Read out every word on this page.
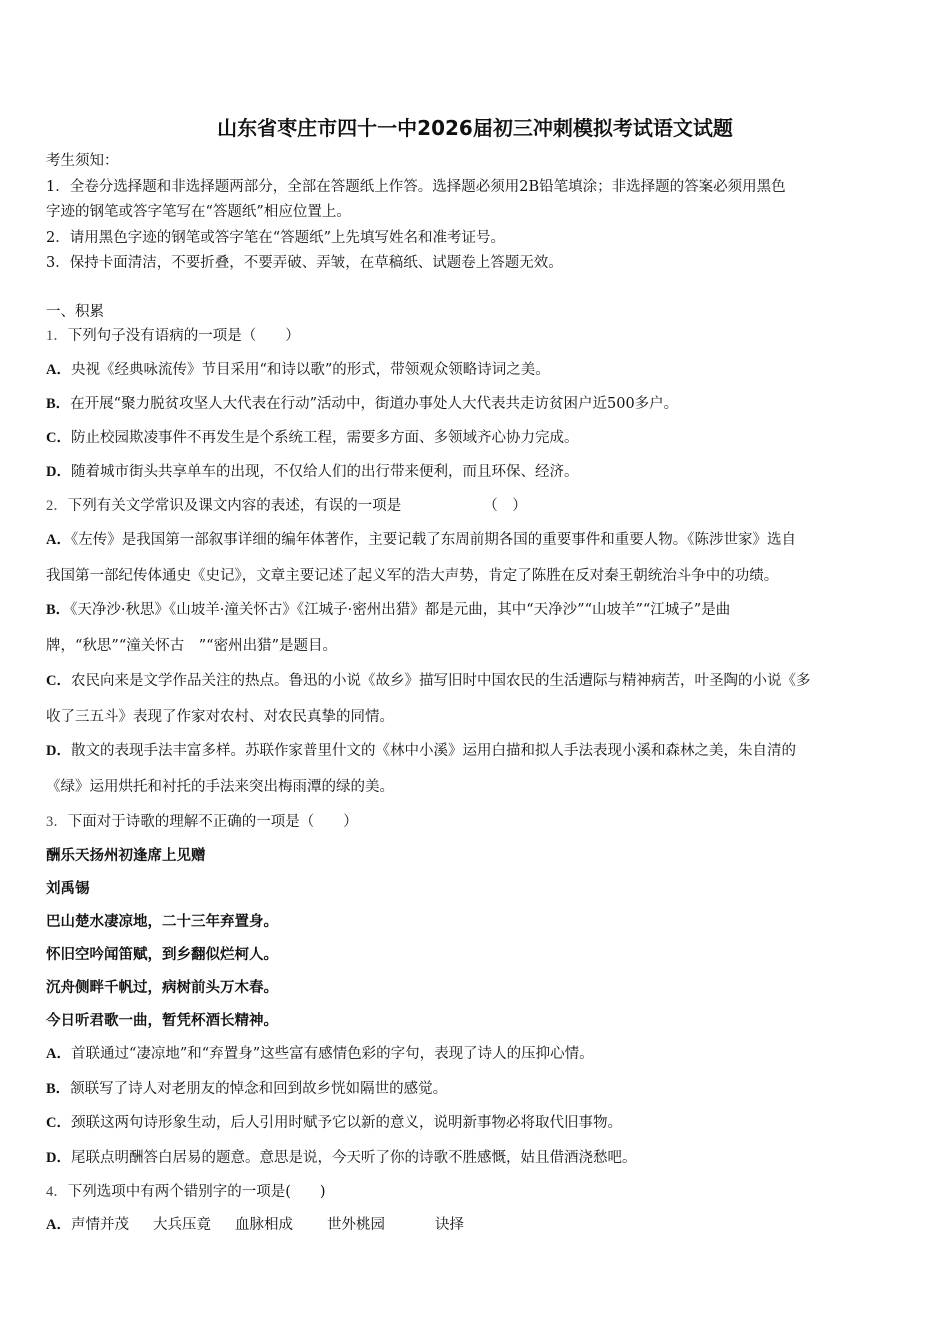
山东省枣庄市四十一中2026届初三冲刺模拟考试语文试题
考生须知：
1．全卷分选择题和非选择题两部分，全部在答题纸上作答。选择题必须用2B铅笔填涂；非选择题的答案必须用黑色
字迹的钢笔或答字笔写在“答题纸”相应位置上。
2．请用黑色字迹的钢笔或答字笔在“答题纸”上先填写姓名和准考证号。
3．保持卡面清洁，不要折叠，不要弄破、弄皱，在草稿纸、试题卷上答题无效。
一、积累
1．下列句子没有语病的一项是（　　）
A．央视《经典咏流传》节目采用“和诗以歌”的形式，带领观众领略诗词之美。
B．在开展“聚力脱贫攻坚人大代表在行动”活动中，街道办事处人大代表共走访贫困户近500多户。
C．防止校园欺凌事件不再发生是个系统工程，需要多方面、多领域齐心协力完成。
D．随着城市街头共享单车的出现，不仅给人们的出行带来便利，而且环保、经济。
2．下列有关文学常识及课文内容的表述，有误的一项是	（　）
A．《左传》是我国第一部叙事详细的编年体著作，主要记载了东周前期各国的重要事件和重要人物。《陈涉世家》选自
我国第一部纪传体通史《史记》，文章主要记述了起义军的浩大声势，肯定了陈胜在反对秦王朝统治斗争中的功绩。
B．《天净沙·秋思》《山坡羊·潼关怀古》《江城子·密州出猎》都是元曲，其中“天净沙”“山坡羊”“江城子”是曲
牌，“秋思”“潼关怀古　”“密州出猎”是题目。
C．农民向来是文学作品关注的热点。鲁迅的小说《故乡》描写旧时中国农民的生活遭际与精神病苦，叶圣陶的小说《多
收了三五斗》表现了作家对农村、对农民真挚的同情。
D．散文的表现手法丰富多样。苏联作家普里什文的《林中小溪》运用白描和拟人手法表现小溪和森林之美，朱自清的
《绿》运用烘托和衬托的手法来突出梅雨潭的绿的美。
3．下面对于诗歌的理解不正确的一项是（　　）
酬乐天扬州初逢席上见赠
刘禹锡
巴山楚水凄凉地，二十三年弃置身。
怀旧空吟闻笛赋，到乡翻似烂柯人。
沉舟侧畔千帆过，病树前头万木春。
今日听君歌一曲，暂凭杯酒长精神。
A．首联通过“凄凉地”和“弃置身”这些富有感情色彩的字句，表现了诗人的压抑心情。
B．颔联写了诗人对老朋友的悼念和回到故乡恍如隔世的感觉。
C．颈联这两句诗形象生动，后人引用时赋予它以新的意义，说明新事物必将取代旧事物。
D．尾联点明酬答白居易的题意。意思是说，今天听了你的诗歌不胜感慨，姑且借酒浇愁吧。
4．下列选项中有两个错别字的一项是(　　)
A．声情并茂 大兵压竟 血脉相成 世外桃园	诀择
